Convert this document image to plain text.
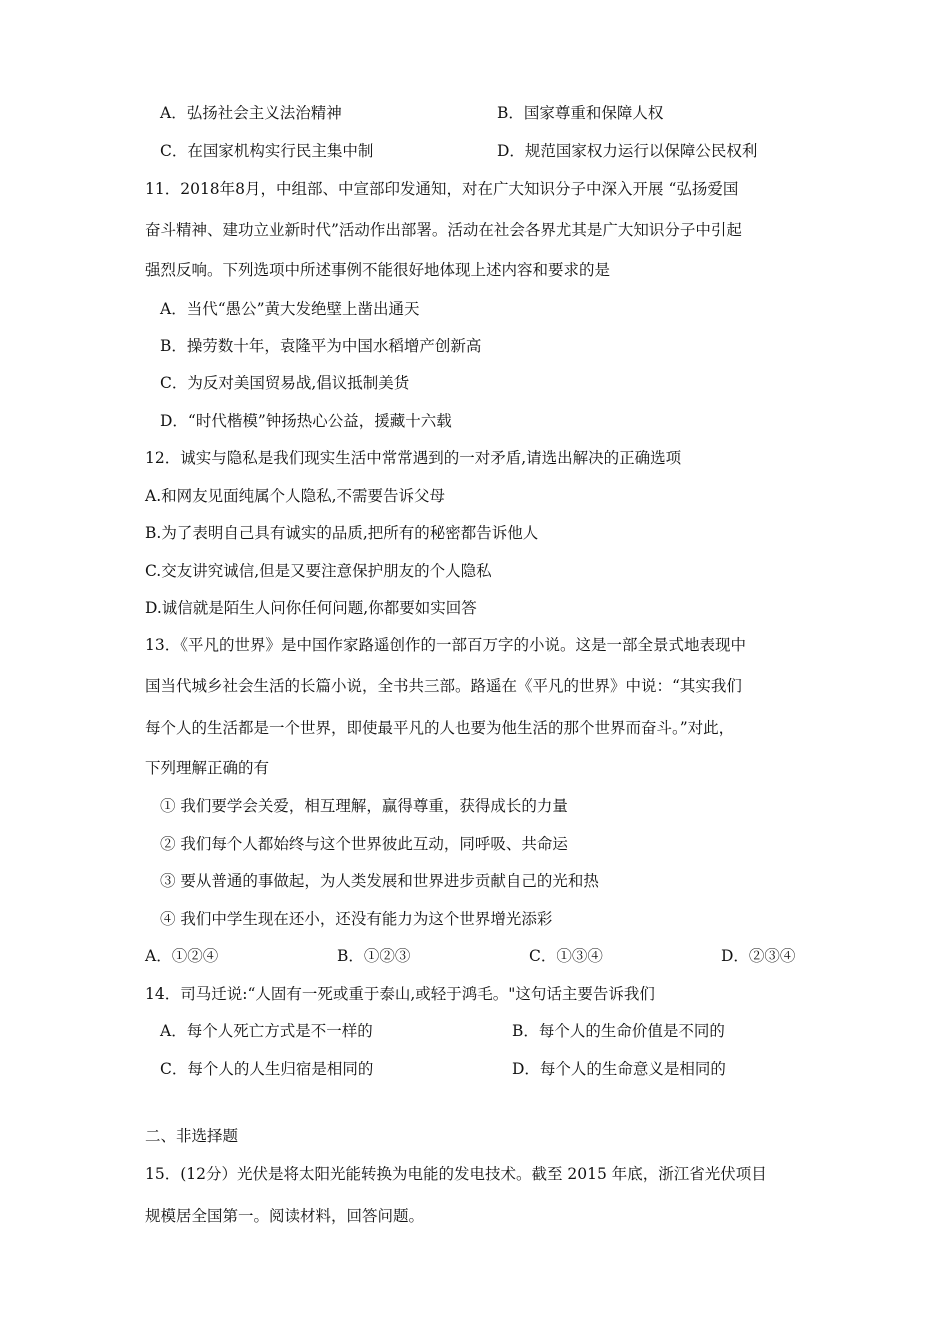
A．弘扬社会主义法治精神	B．国家尊重和保障人权
C．在国家机构实行民主集中制	D．规范国家权力运行以保障公民权利
11．2018年8月，中组部、中宣部印发通知，对在广大知识分子中深入开展 “弘扬爱国
奋斗精神、建功立业新时代”活动作出部署。活动在社会各界尤其是广大知识分子中引起
强烈反响。下列选项中所述事例不能很好地体现上述内容和要求的是
A．当代“愚公”黄大发绝壁上凿出通天
B．操劳数十年，袁隆平为中国水稻增产创新高
C．为反对美国贸易战,倡议抵制美货
D．“时代楷模”钟扬热心公益，援藏十六载
12．诚实与隐私是我们现实生活中常常遇到的一对矛盾,请选出解决的正确选项
A.和网友见面纯属个人隐私,不需要告诉父母
B.为了表明自己具有诚实的品质,把所有的秘密都告诉他人
C.交友讲究诚信,但是又要注意保护朋友的个人隐私
D.诚信就是陌生人问你任何问题,你都要如实回答
13．《平凡的世界》是中国作家路遥创作的一部百万字的小说。这是一部全景式地表现中
国当代城乡社会生活的长篇小说，全书共三部。路遥在《平凡的世界》中说：“其实我们
每个人的生活都是一个世界，即使最平凡的人也要为他生活的那个世界而奋斗。”对此，
下列理解正确的有
① 我们要学会关爱，相互理解，赢得尊重，获得成长的力量
② 我们每个人都始终与这个世界彼此互动，同呼吸、共命运
③ 要从普通的事做起，为人类发展和世界进步贡献自己的光和热
④ 我们中学生现在还小，还没有能力为这个世界增光添彩
A．①②④	B．①②③	C．①③④	D．②③④
14．司马迁说:“人固有一死或重于泰山,或轻于鸿毛。"这句话主要告诉我们
A．每个人死亡方式是不一样的	B．每个人的生命价值是不同的
C．每个人的人生归宿是相同的	D．每个人的生命意义是相同的
二、非选择题
15．(12分）光伏是将太阳光能转换为电能的发电技术。截至 2015 年底，浙江省光伏项目
规模居全国第一。阅读材料，回答问题。
